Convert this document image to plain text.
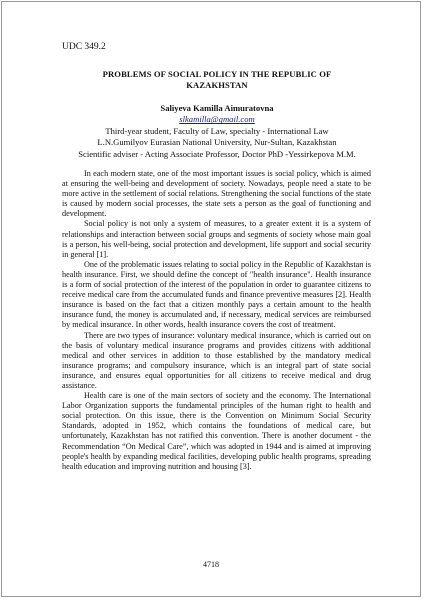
UDC 349.2
PROBLEMS OF SOCIAL POLICY IN THE REPUBLIC OF KAZAKHSTAN
Saliyeva Kamilla Aimuratovna
slkamilla@gmail.com
Third-year student, Faculty of Law, specialty - International Law
L.N.Gumilyov Eurasian National University, Nur-Sultan, Kazakhstan
Scientific adviser - Acting Associate Professor, Doctor PhD -Yessirkepova M.M.

In each modern state, one of the most important issues is social policy, which is aimed at ensuring the well-being and development of society. Nowadays, people need a state to be more active in the settlement of social relations. Strengthening the social functions of the state is caused by modern social processes, the state sets a person as the goal of functioning and development.

Social policy is not only a system of measures, to a greater extent it is a system of relationships and interaction between social groups and segments of society whose main goal is a person, his well-being, social protection and development, life support and social security in general [1].

One of the problematic issues relating to social policy in the Republic of Kazakhstan is health insurance. First, we should define the concept of "health insurance". Health insurance is a form of social protection of the interest of the population in order to guarantee citizens to receive medical care from the accumulated funds and finance preventive measures [2]. Health insurance is based on the fact that a citizen monthly pays a certain amount to the health insurance fund, the money is accumulated and, if necessary, medical services are reimbursed by medical insurance. In other words, health insurance covers the cost of treatment.

There are two types of insurance: voluntary medical insurance, which is carried out on the basis of voluntary medical insurance programs and provides citizens with additional medical and other services in addition to those established by the mandatory medical insurance programs; and compulsory insurance, which is an integral part of state social insurance, and ensures equal opportunities for all citizens to receive medical and drug assistance.

Health care is one of the main sectors of society and the economy. The International Labor Organization supports the fundamental principles of the human right to health and social protection. On this issue, there is the Convention on Minimum Social Security Standards, adopted in 1952, which contains the foundations of medical care, but unfortunately, Kazakhstan has not ratified this convention. There is another document - the Recommendation “On Medical Care”, which was adopted in 1944 and is aimed at improving people's health by expanding medical facilities, developing public health programs, spreading health education and improving nutrition and housing [3].

4718
